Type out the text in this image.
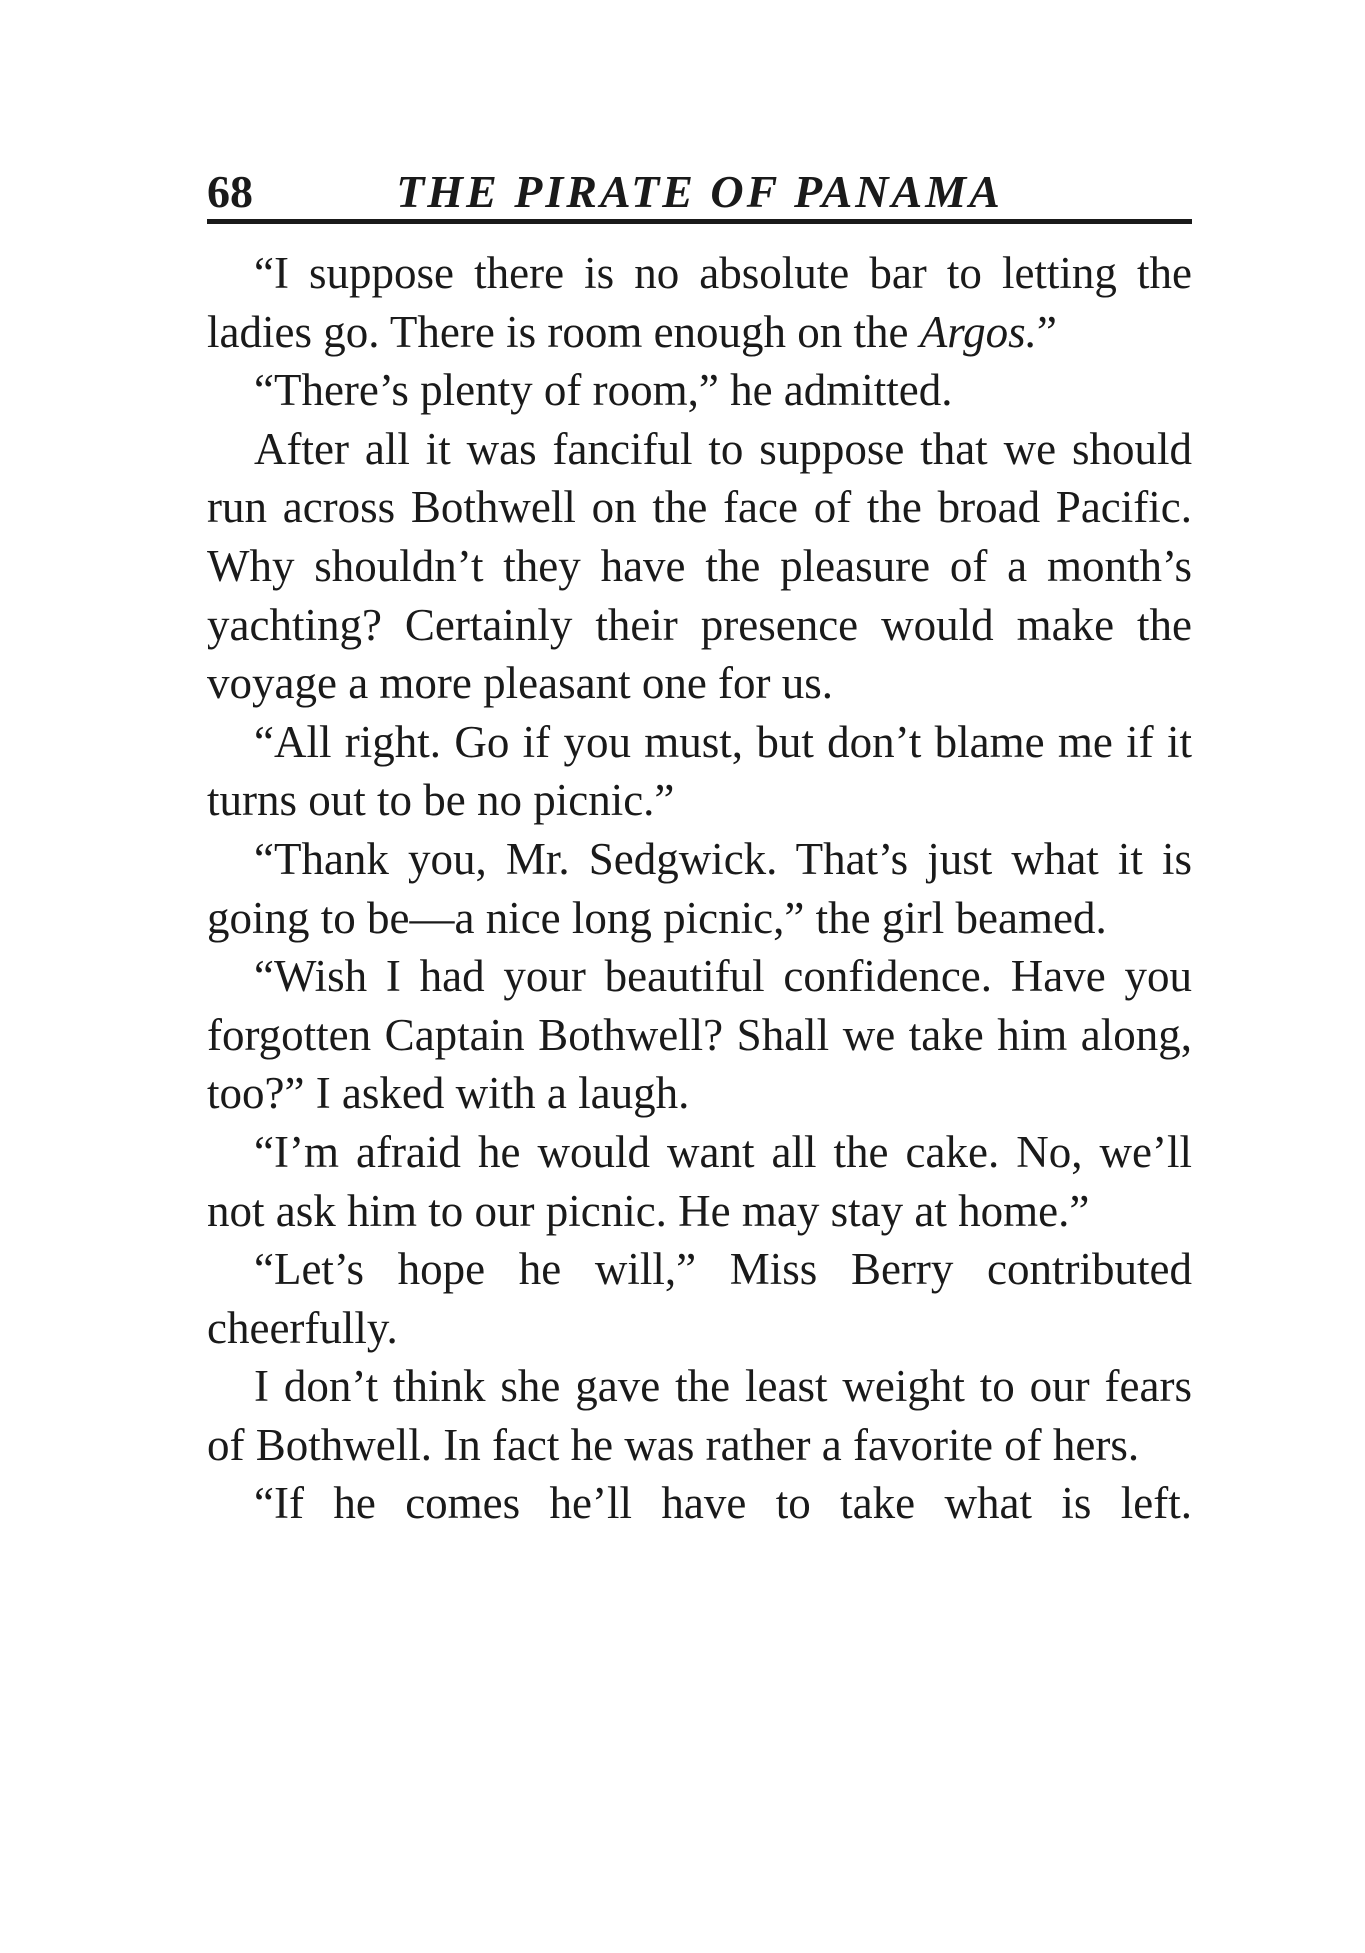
68	THE PIRATE OF PANAMA

“I suppose there is no absolute bar to letting the ladies go. There is room enough on the Argos.”

“There’s plenty of room,” he admitted.

After all it was fanciful to suppose that we should run across Bothwell on the face of the broad Pacific. Why shouldn’t they have the pleasure of a month’s yachting? Certainly their presence would make the voyage a more pleasant one for us.

“All right. Go if you must, but don’t blame me if it turns out to be no picnic.”

“Thank you, Mr. Sedgwick. That’s just what it is going to be—a nice long picnic,” the girl beamed.

“Wish I had your beautiful confidence. Have you forgotten Captain Bothwell? Shall we take him along, too?” I asked with a laugh.

“I’m afraid he would want all the cake. No, we’ll not ask him to our picnic. He may stay at home.”

“Let’s hope he will,” Miss Berry contributed cheerfully.

I don’t think she gave the least weight to our fears of Bothwell. In fact he was rather a favorite of hers.

“If he comes he’ll have to take what is left.
